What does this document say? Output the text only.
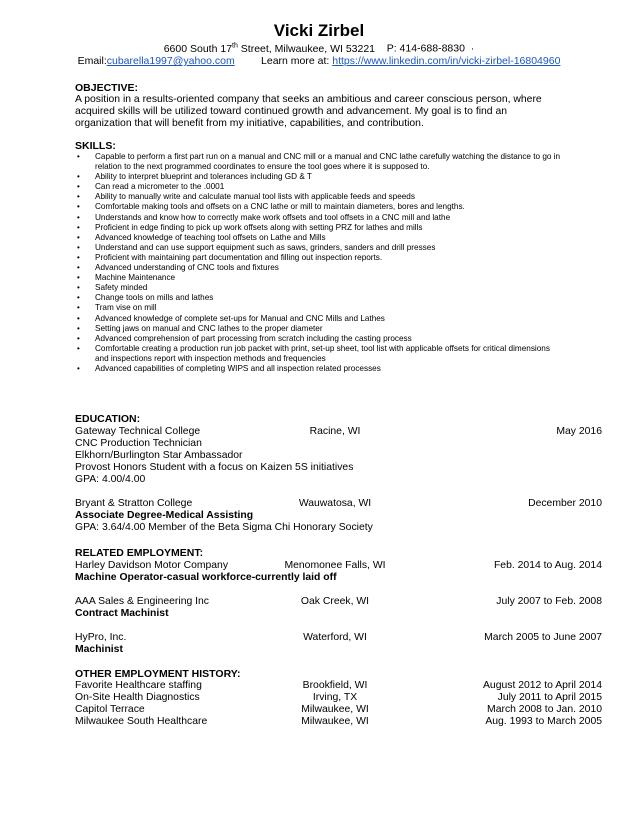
Vicki Zirbel
6600 South 17th Street, Milwaukee, WI 53221 P: 414-688-8830 ·
Email:cubarella1997@yahoo.com	Learn more at: https://www.linkedin.com/in/vicki-zirbel-16804960
OBJECTIVE:
A position in a results-oriented company that seeks an ambitious and career conscious person, where
acquired skills will be utilized toward continued growth and advancement. My goal is to find an
organization that will benefit from my initiative, capabilities, and contribution.
SKILLS:
• Capable to perform a first part run on a manual and CNC mill or a manual and CNC lathe carefully watching the distance to go in relation to the next programmed coordinates to ensure the tool goes where it is supposed to.
• Ability to interpret blueprint and tolerances including GD & T
• Can read a micrometer to the .0001
• Ability to manually write and calculate manual tool lists with applicable feeds and speeds
• Comfortable making tools and offsets on a CNC lathe or mill to maintain diameters, bores and lengths.
• Understands and know how to correctly make work offsets and tool offsets in a CNC mill and lathe
• Proficient in edge finding to pick up work offsets along with setting PRZ for lathes and mills
• Advanced knowledge of teaching tool offsets on Lathe and Mills
• Understand and can use support equipment such as saws, grinders, sanders and drill presses
• Proficient with maintaining part documentation and filling out inspection reports.
• Advanced understanding of CNC tools and fixtures
• Machine Maintenance
• Safety minded
• Change tools on mills and lathes
• Tram vise on mill
• Advanced knowledge of complete set-ups for Manual and CNC Mills and Lathes
• Setting jaws on manual and CNC lathes to the proper diameter
• Advanced comprehension of part processing from scratch including the casting process
• Comfortable creating a production run job packet with print, set-up sheet, tool list with applicable offsets for critical dimensions and inspections report with inspection methods and frequencies
• Advanced capabilities of completing WIPS and all inspection related processes
EDUCATION:
Gateway Technical College	Racine, WI	May 2016
CNC Production Technician
Elkhorn/Burlington Star Ambassador
Provost Honors Student with a focus on Kaizen 5S initiatives
GPA: 4.00/4.00
Bryant & Stratton College	Wauwatosa, WI	December 2010
Associate Degree-Medical Assisting
GPA: 3.64/4.00 Member of the Beta Sigma Chi Honorary Society
RELATED EMPLOYMENT:
Harley Davidson Motor Company	Menomonee Falls, WI	Feb. 2014 to Aug. 2014
Machine Operator-casual workforce-currently laid off
AAA Sales & Engineering Inc	Oak Creek, WI	July 2007 to Feb. 2008
Contract Machinist
HyPro, Inc.	Waterford, WI	March 2005 to June 2007
Machinist
OTHER EMPLOYMENT HISTORY:
Favorite Healthcare staffing	Brookfield, WI	August 2012 to April 2014
On-Site Health Diagnostics	Irving, TX	July 2011 to April 2015
Capitol Terrace	Milwaukee, WI	March 2008 to Jan. 2010
Milwaukee South Healthcare	Milwaukee, WI	Aug. 1993 to March 2005
